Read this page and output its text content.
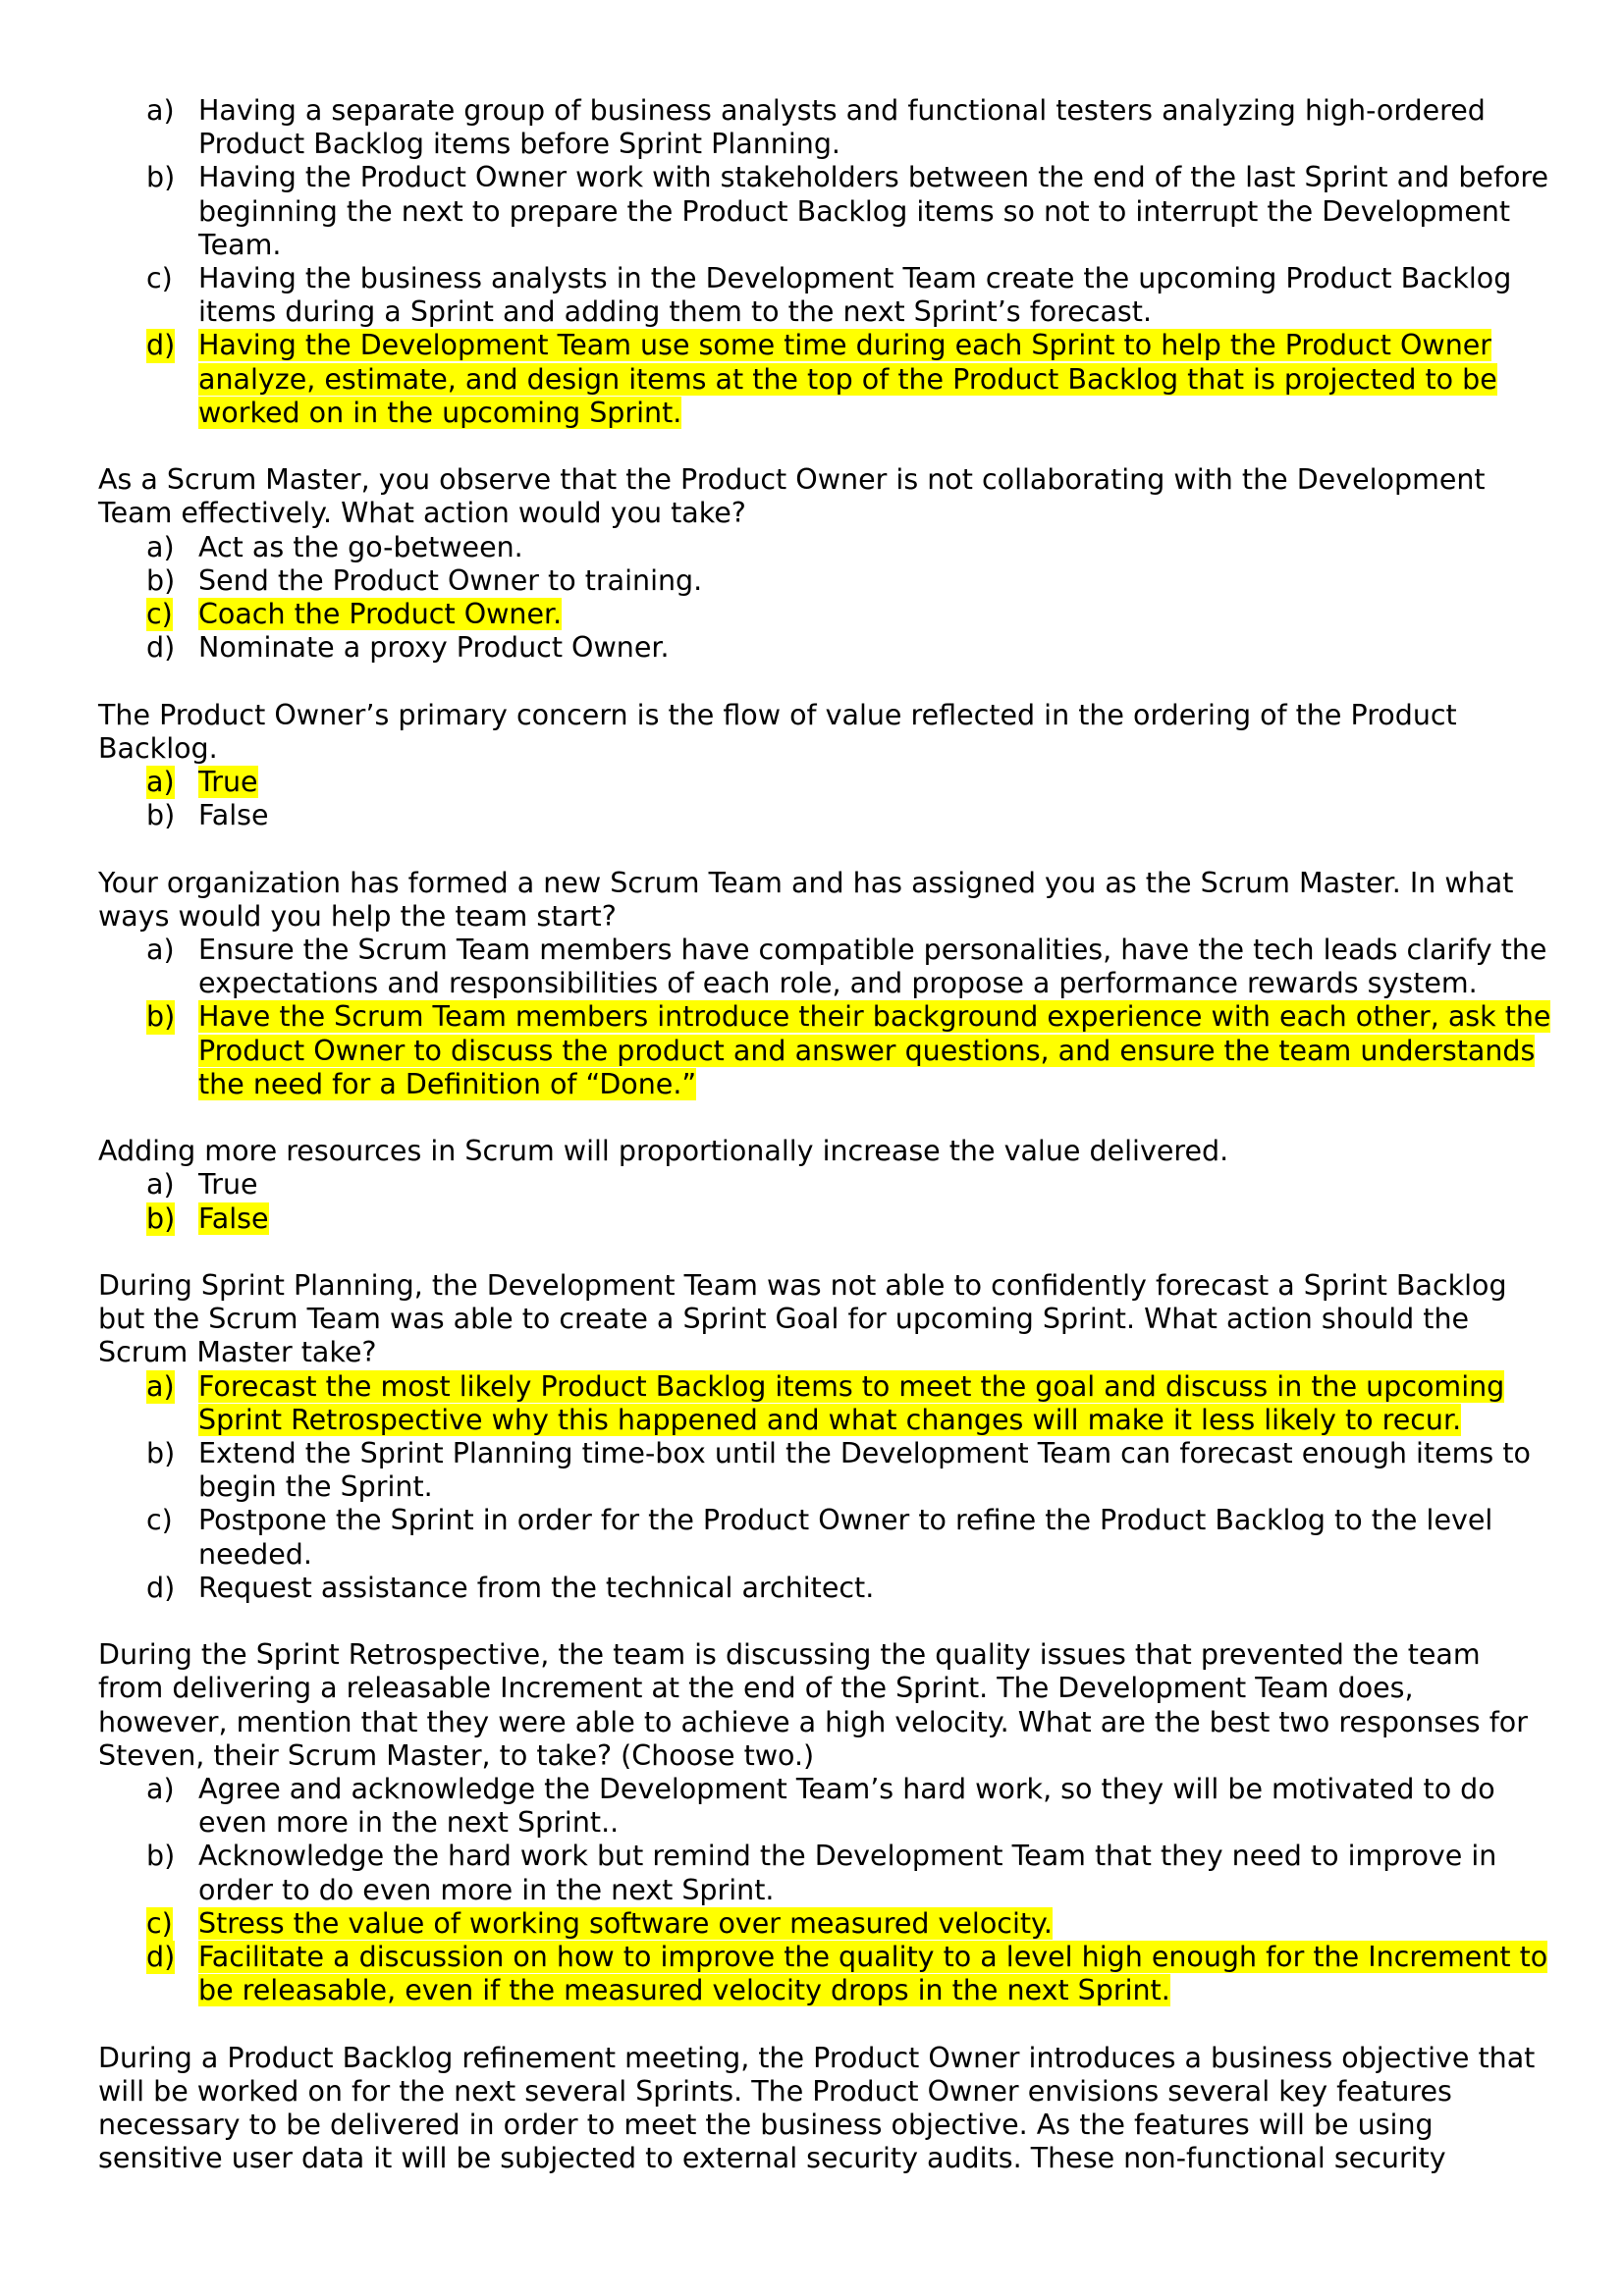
a) Having a separate group of business analysts and functional testers analyzing high-ordered Product Backlog items before Sprint Planning.
b) Having the Product Owner work with stakeholders between the end of the last Sprint and before beginning the next to prepare the Product Backlog items so not to interrupt the Development Team.
c) Having the business analysts in the Development Team create the upcoming Product Backlog items during a Sprint and adding them to the next Sprint’s forecast.
d) Having the Development Team use some time during each Sprint to help the Product Owner analyze, estimate, and design items at the top of the Product Backlog that is projected to be worked on in the upcoming Sprint.

As a Scrum Master, you observe that the Product Owner is not collaborating with the Development Team effectively. What action would you take?

a) Act as the go-between.
b) Send the Product Owner to training.
c) Coach the Product Owner.
d) Nominate a proxy Product Owner.

The Product Owner’s primary concern is the flow of value reflected in the ordering of the Product Backlog.

a) True
b) False

Your organization has formed a new Scrum Team and has assigned you as the Scrum Master. In what ways would you help the team start?

a) Ensure the Scrum Team members have compatible personalities, have the tech leads clarify the expectations and responsibilities of each role, and propose a performance rewards system.
b) Have the Scrum Team members introduce their background experience with each other, ask the Product Owner to discuss the product and answer questions, and ensure the team understands the need for a Definition of “Done.”

Adding more resources in Scrum will proportionally increase the value delivered.

a) True
b) False

During Sprint Planning, the Development Team was not able to confidently forecast a Sprint Backlog but the Scrum Team was able to create a Sprint Goal for upcoming Sprint. What action should the Scrum Master take?

a) Forecast the most likely Product Backlog items to meet the goal and discuss in the upcoming Sprint Retrospective why this happened and what changes will make it less likely to recur.
b) Extend the Sprint Planning time-box until the Development Team can forecast enough items to begin the Sprint.
c) Postpone the Sprint in order for the Product Owner to refine the Product Backlog to the level needed.
d) Request assistance from the technical architect.

During the Sprint Retrospective, the team is discussing the quality issues that prevented the team from delivering a releasable Increment at the end of the Sprint. The Development Team does, however, mention that they were able to achieve a high velocity. What are the best two responses for Steven, their Scrum Master, to take? (Choose two.)

a) Agree and acknowledge the Development Team’s hard work, so they will be motivated to do even more in the next Sprint..
b) Acknowledge the hard work but remind the Development Team that they need to improve in order to do even more in the next Sprint.
c) Stress the value of working software over measured velocity.
d) Facilitate a discussion on how to improve the quality to a level high enough for the Increment to be releasable, even if the measured velocity drops in the next Sprint.

During a Product Backlog refinement meeting, the Product Owner introduces a business objective that will be worked on for the next several Sprints. The Product Owner envisions several key features necessary to be delivered in order to meet the business objective. As the features will be using sensitive user data it will be subjected to external security audits. These non-functional security
